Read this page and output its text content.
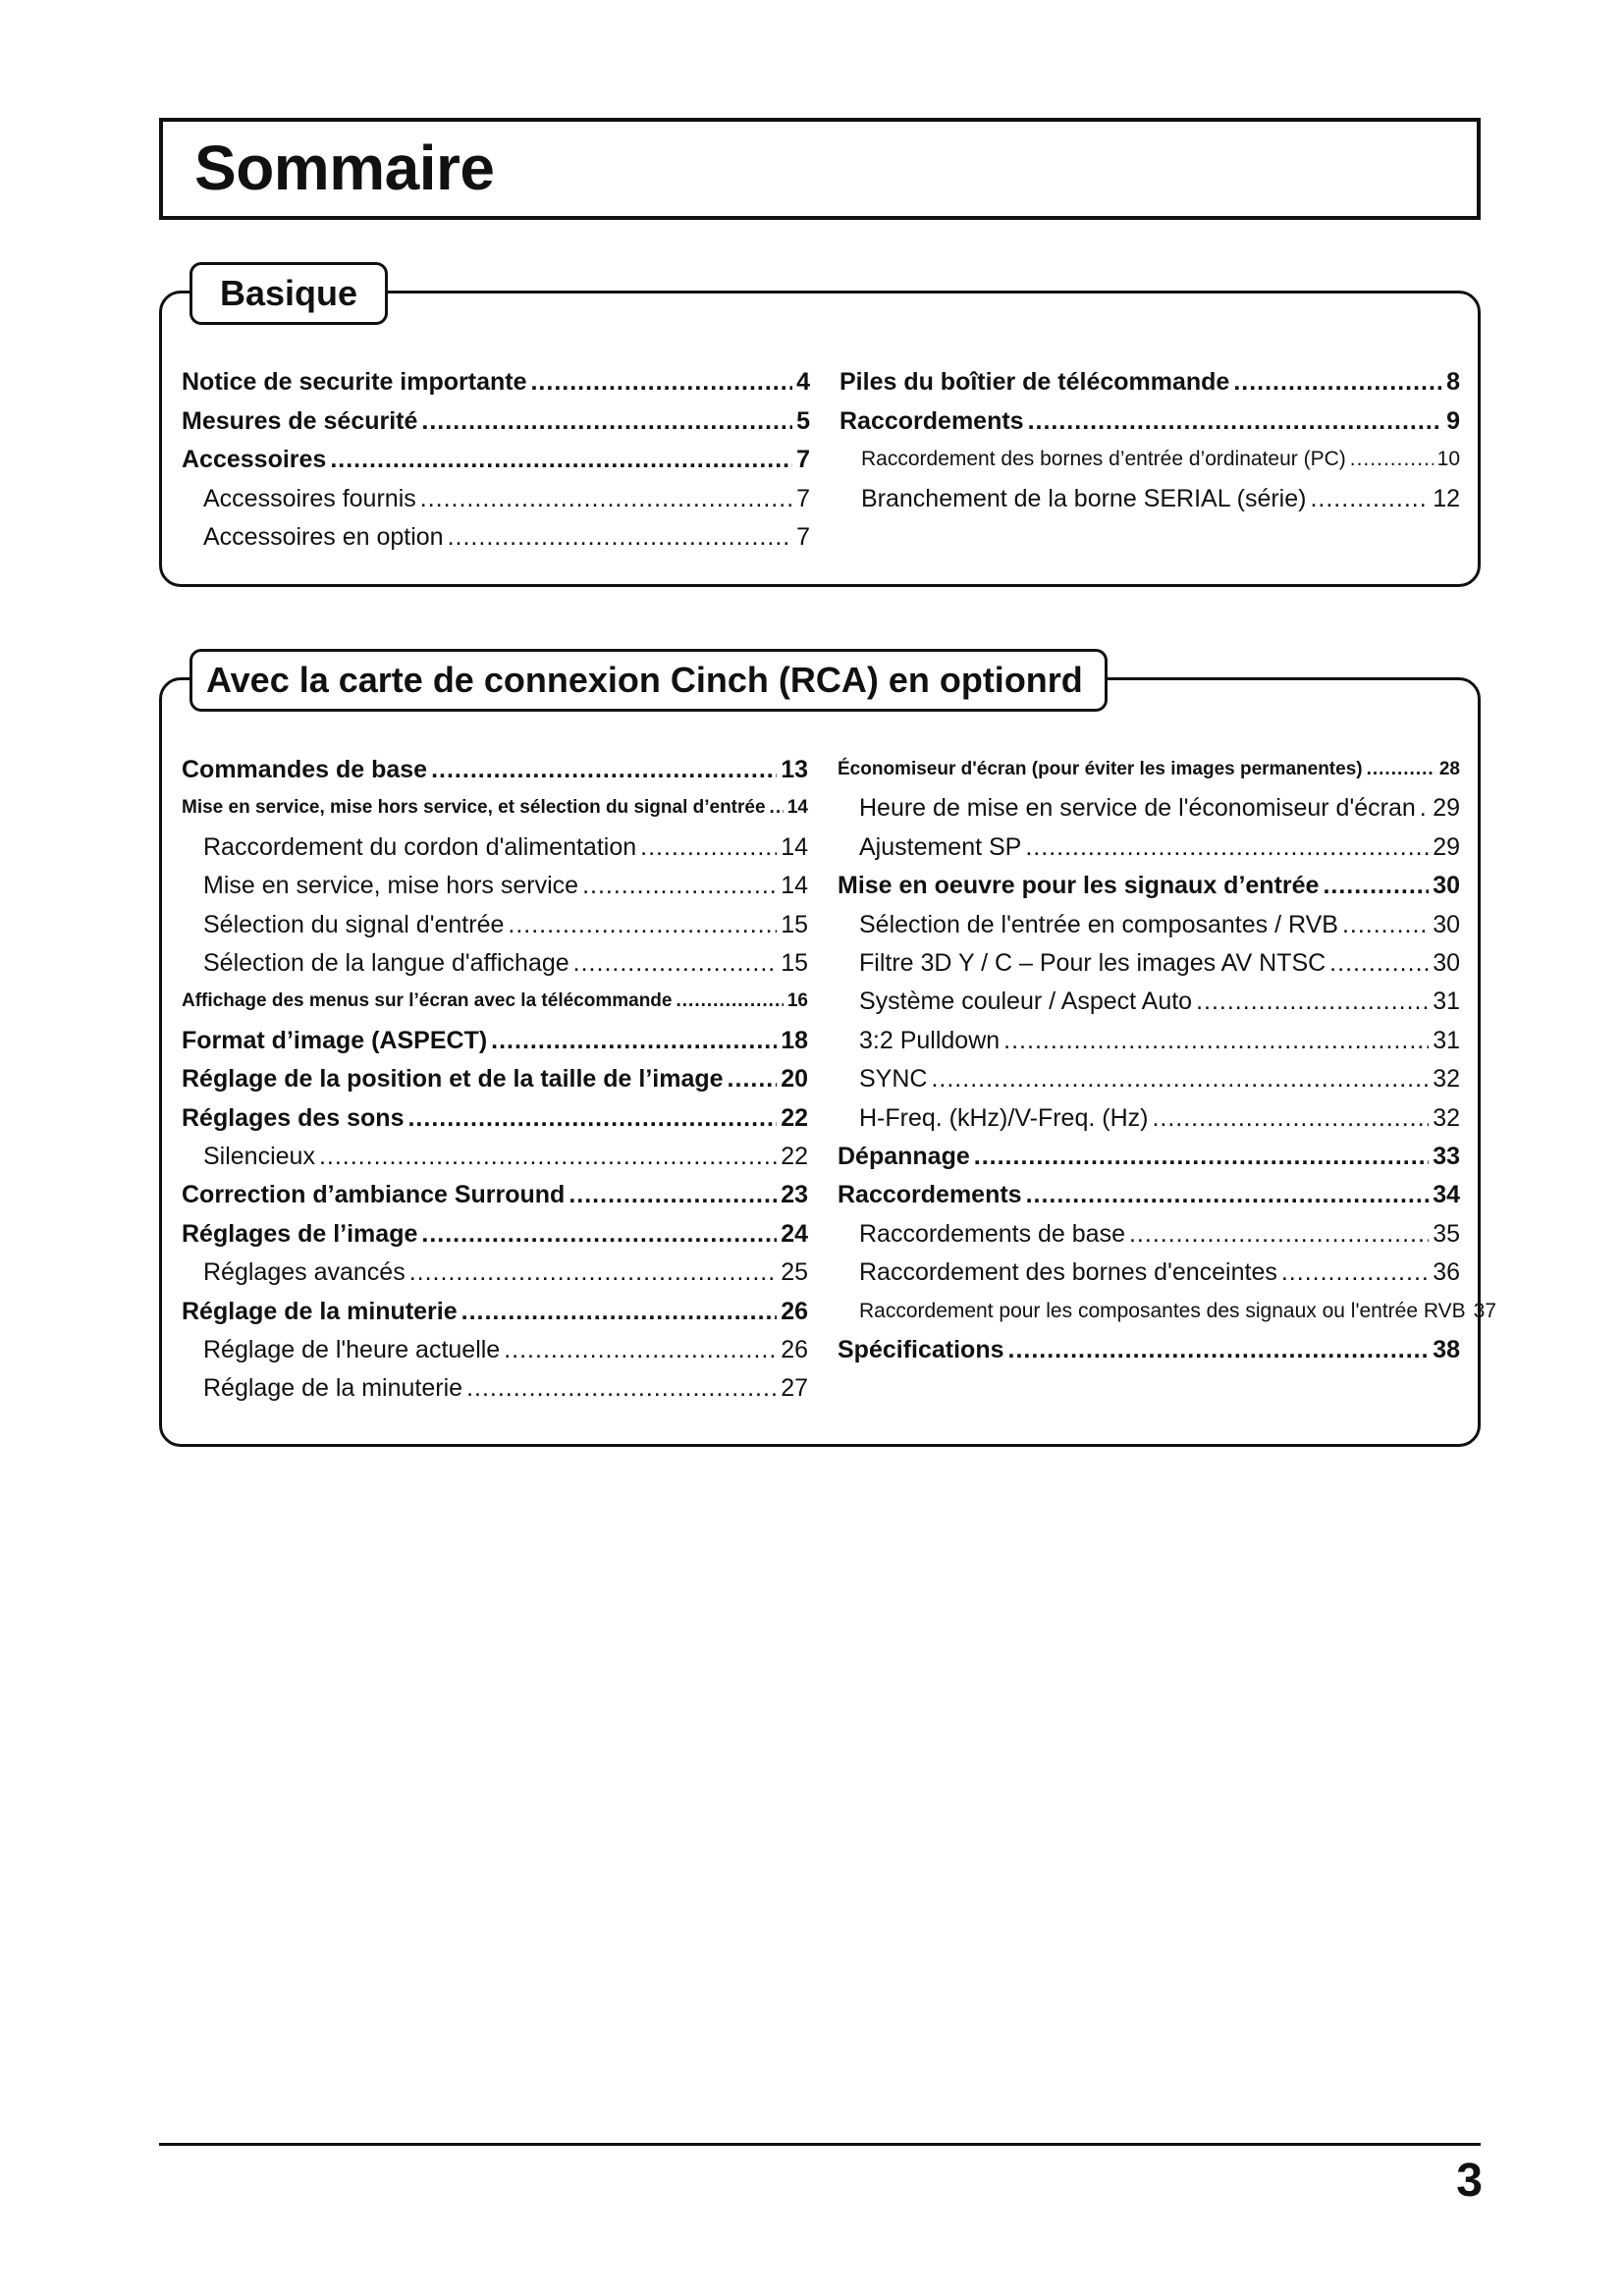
Sommaire
Basique
Notice de securite importante .....	4
Mesures de sécurité .....	5
Accessoires .....	7
Accessoires fournis .....	7
Accessoires en option .....	7
Piles du boîtier de télécommande .....	8
Raccordements .....	9
Raccordement des bornes d’entrée d’ordinateur (PC) .....	10
Branchement de la borne SERIAL (série) .....	12
Avec la carte de connexion Cinch (RCA) en optionrd
Commandes de base .....	13
Mise en service, mise hors service, et sélection du signal d’entrée ..... 14
Raccordement du cordon d'alimentation .....	14
Mise en service, mise hors service .....	14
Sélection du signal d'entrée .....	15
Sélection de la langue d'affichage .....	15
Affichage des menus sur l’écran avec la télécommande .....	16
Format d’image (ASPECT) .....	18
Réglage de la position et de la taille de l’image ..... 20
Réglages des sons .....	22
Silencieux .....	22
Correction d’ambiance Surround .....	23
Réglages de l’image .....	24
Réglages avancés .....	25
Réglage de la minuterie .....	26
Réglage de l'heure actuelle .....	26
Réglage de la minuterie .....	27
Économiseur d'écran (pour éviter les images permanentes) .....	28
Heure de mise en service de l'économiseur d'écran ..... 29
Ajustement SP .....	29
Mise en oeuvre pour les signaux d’entrée .....	30
Sélection de l'entrée en composantes / RVB .....	30
Filtre 3D Y / C – Pour les images AV NTSC .....	30
Système couleur / Aspect Auto .....	31
3:2 Pulldown .....	31
SYNC .....	32
H-Freq. (kHz)/V-Freq. (Hz) .....	32
Dépannage .....	33
Raccordements .....	34
Raccordements de base .....	35
Raccordement des bornes d'enceintes .....	36
Raccordement pour les composantes des signaux ou l'entrée RVB 37
Spécifications .....	38
3
